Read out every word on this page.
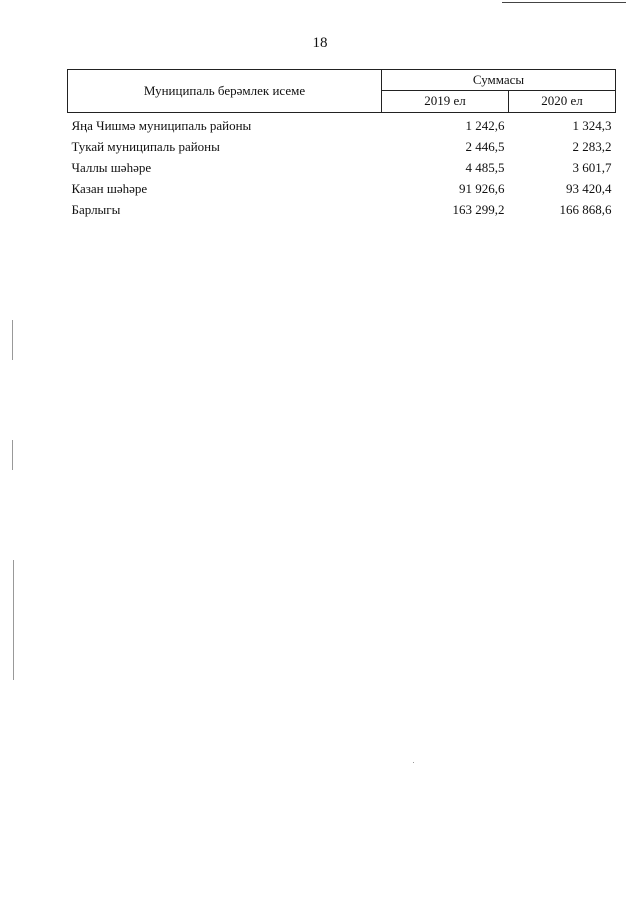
18
Муниципаль берәмлек исеме	Суммасы	
	2019 ел	2020 ел
Яңа Чишмә муниципаль районы	1 242,6	1 324,3
Тукай муниципаль районы	2 446,5	2 283,2
Чаллы шәһәре	4 485,5	3 601,7
Казан шәһәре	91 926,6	93 420,4
Барлыгы	163 299,2	166 868,6
